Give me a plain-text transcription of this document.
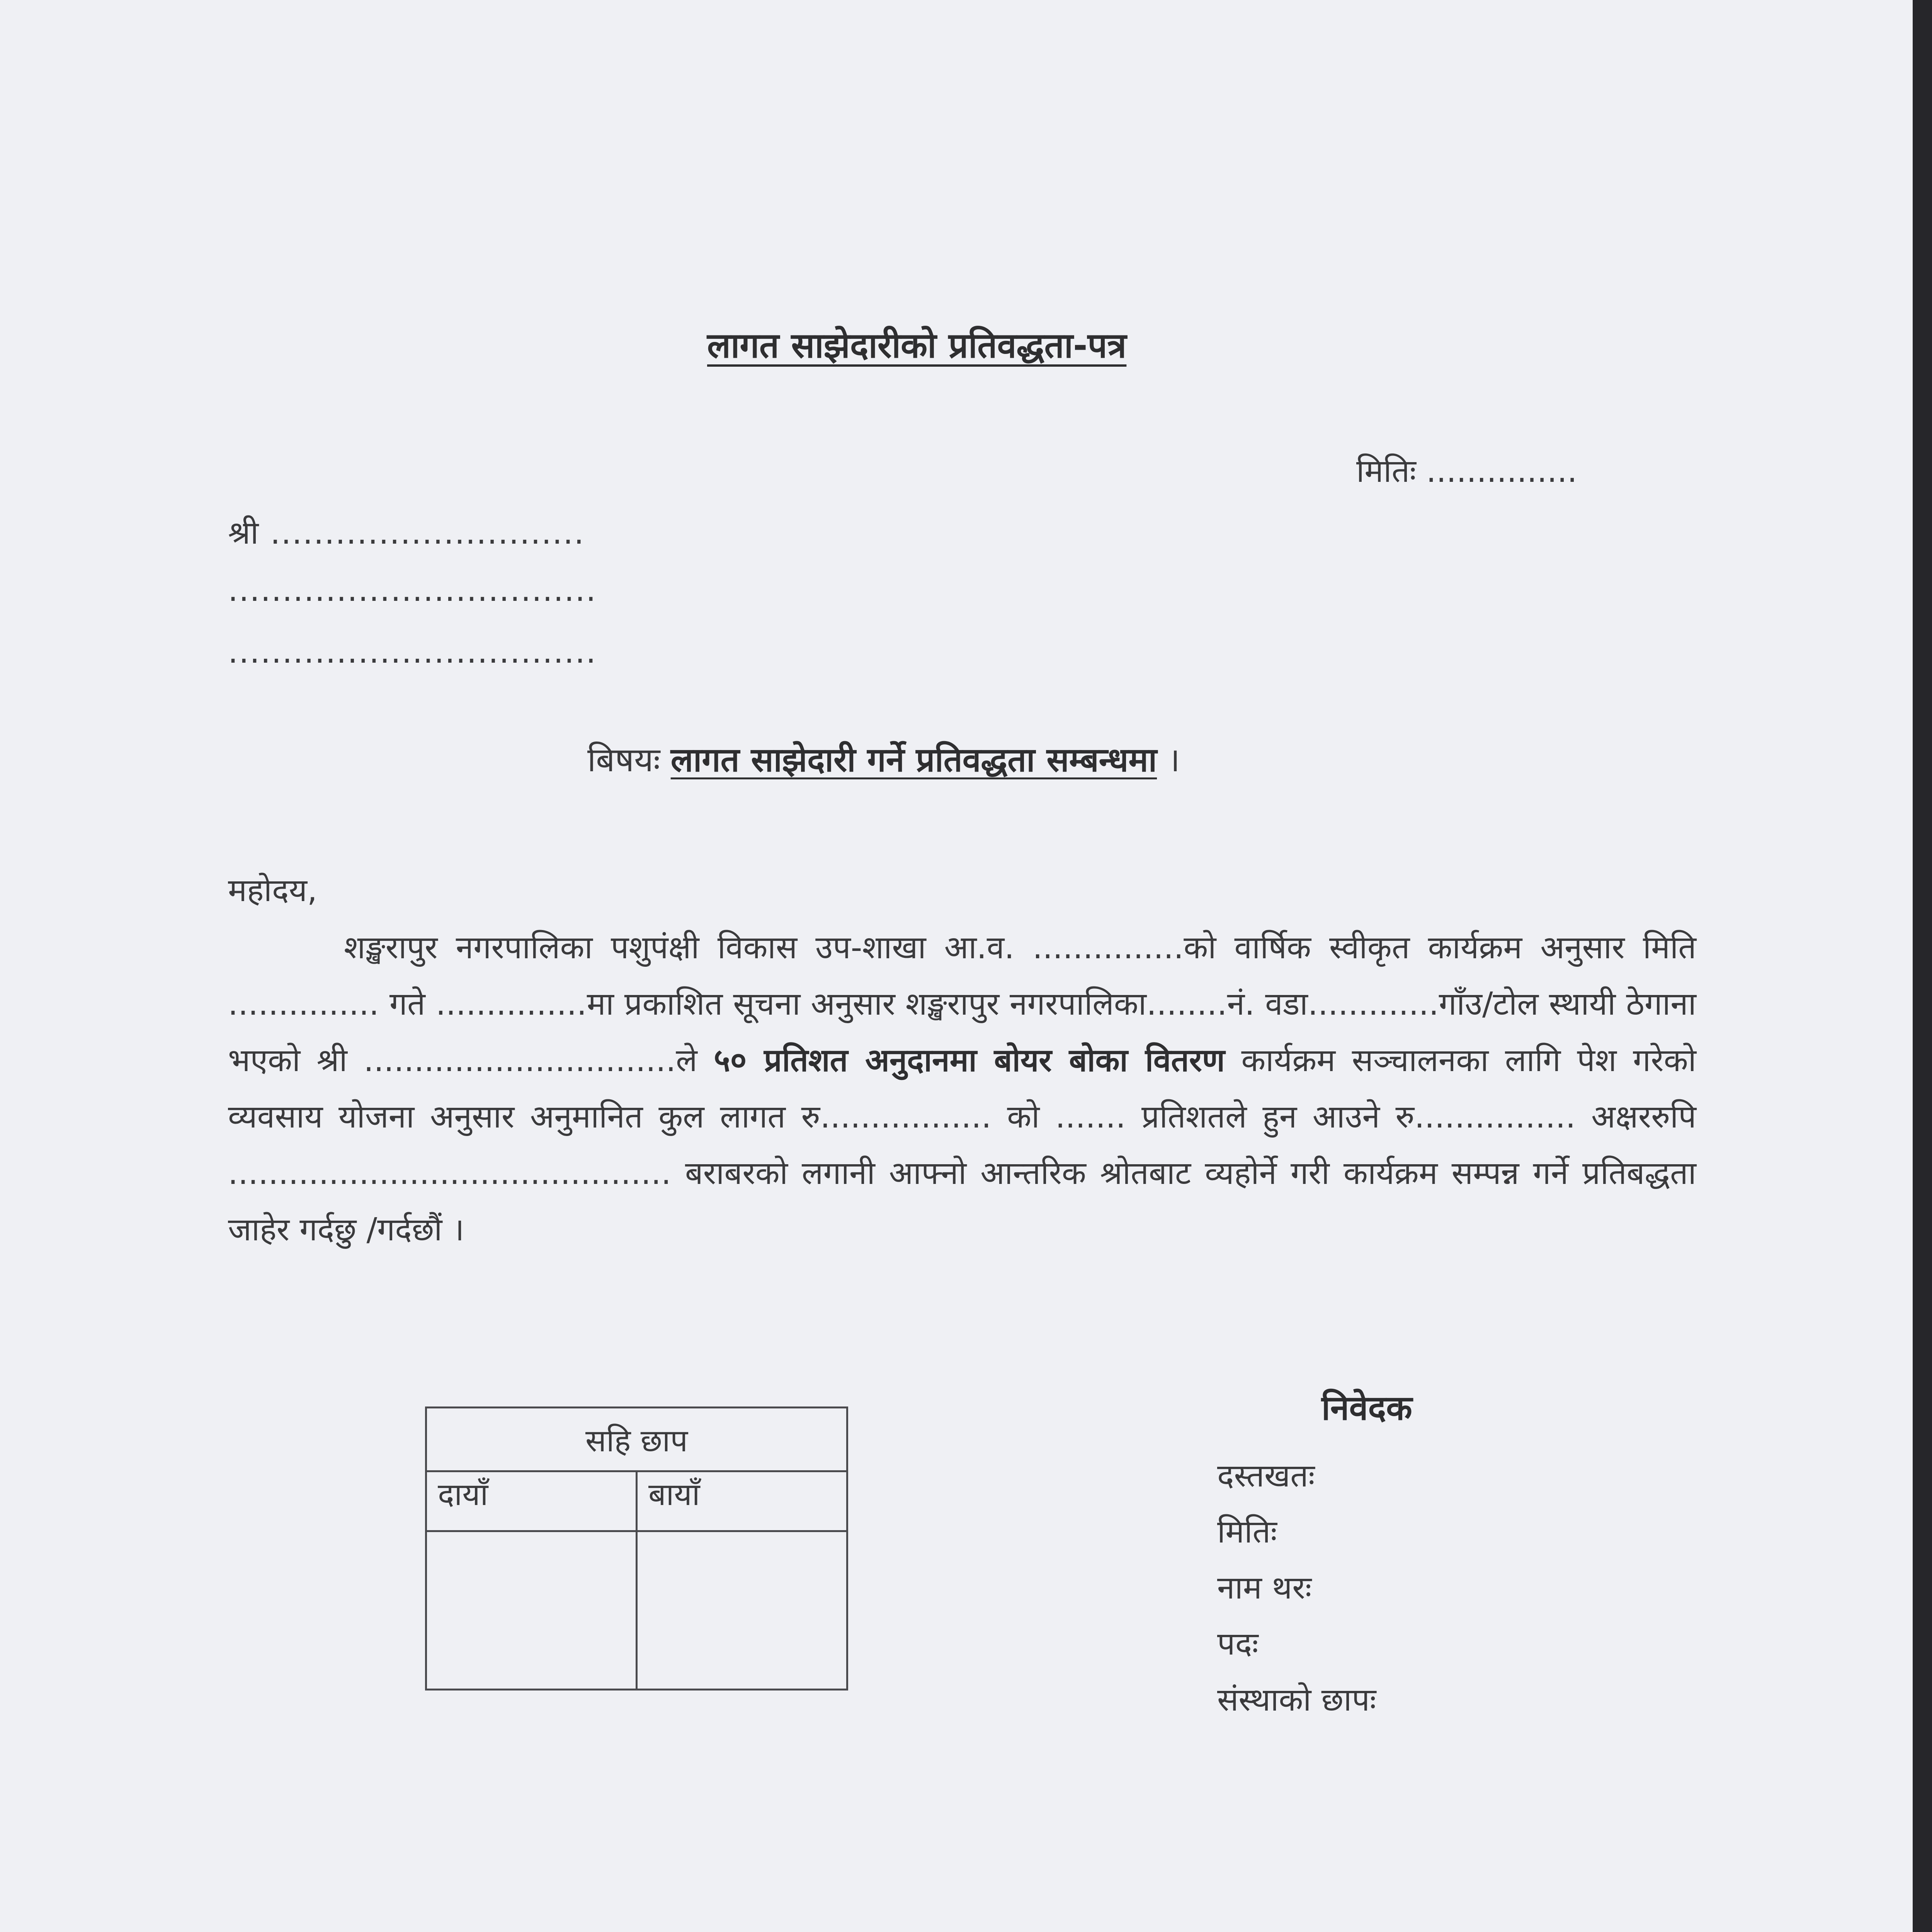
लागत साझेदारीको प्रतिवद्धता-पत्र
मितिः ...............
श्री .............................
..................................
..................................
बिषयः लागत साझेदारी गर्ने प्रतिवद्धता सम्बन्धमा ।
महोदय,
शङ्खरापुर नगरपालिका पशुपंक्षी विकास उप-शाखा आ.व. ...............को वार्षिक स्वीकृत कार्यक्रम अनुसार मिति ............... गते ...............मा प्रकाशित सूचना अनुसार शङ्खरापुर नगरपालिका........नं. वडा.............गाँउ/टोल स्थायी ठेगाना भएको श्री ...............................ले ५० प्रतिशत अनुदानमा बोयर बोका वितरण कार्यक्रम सञ्चालनका लागि पेश गरेको व्यवसाय योजना अनुसार अनुमानित कुल लागत रु................. को ....... प्रतिशतले हुन आउने रु................ अक्षररुपि ............................................ बराबरको लगानी आफ्नो आन्तरिक श्रोतबाट व्यहोर्ने गरी कार्यक्रम सम्पन्न गर्ने प्रतिबद्धता जाहेर गर्दछु /गर्दछौं ।
सहि छाप	
दायाँ	बायाँ

निवेदक
दस्तखतः
मितिः
नाम थरः
पदः
संस्थाको छापः
